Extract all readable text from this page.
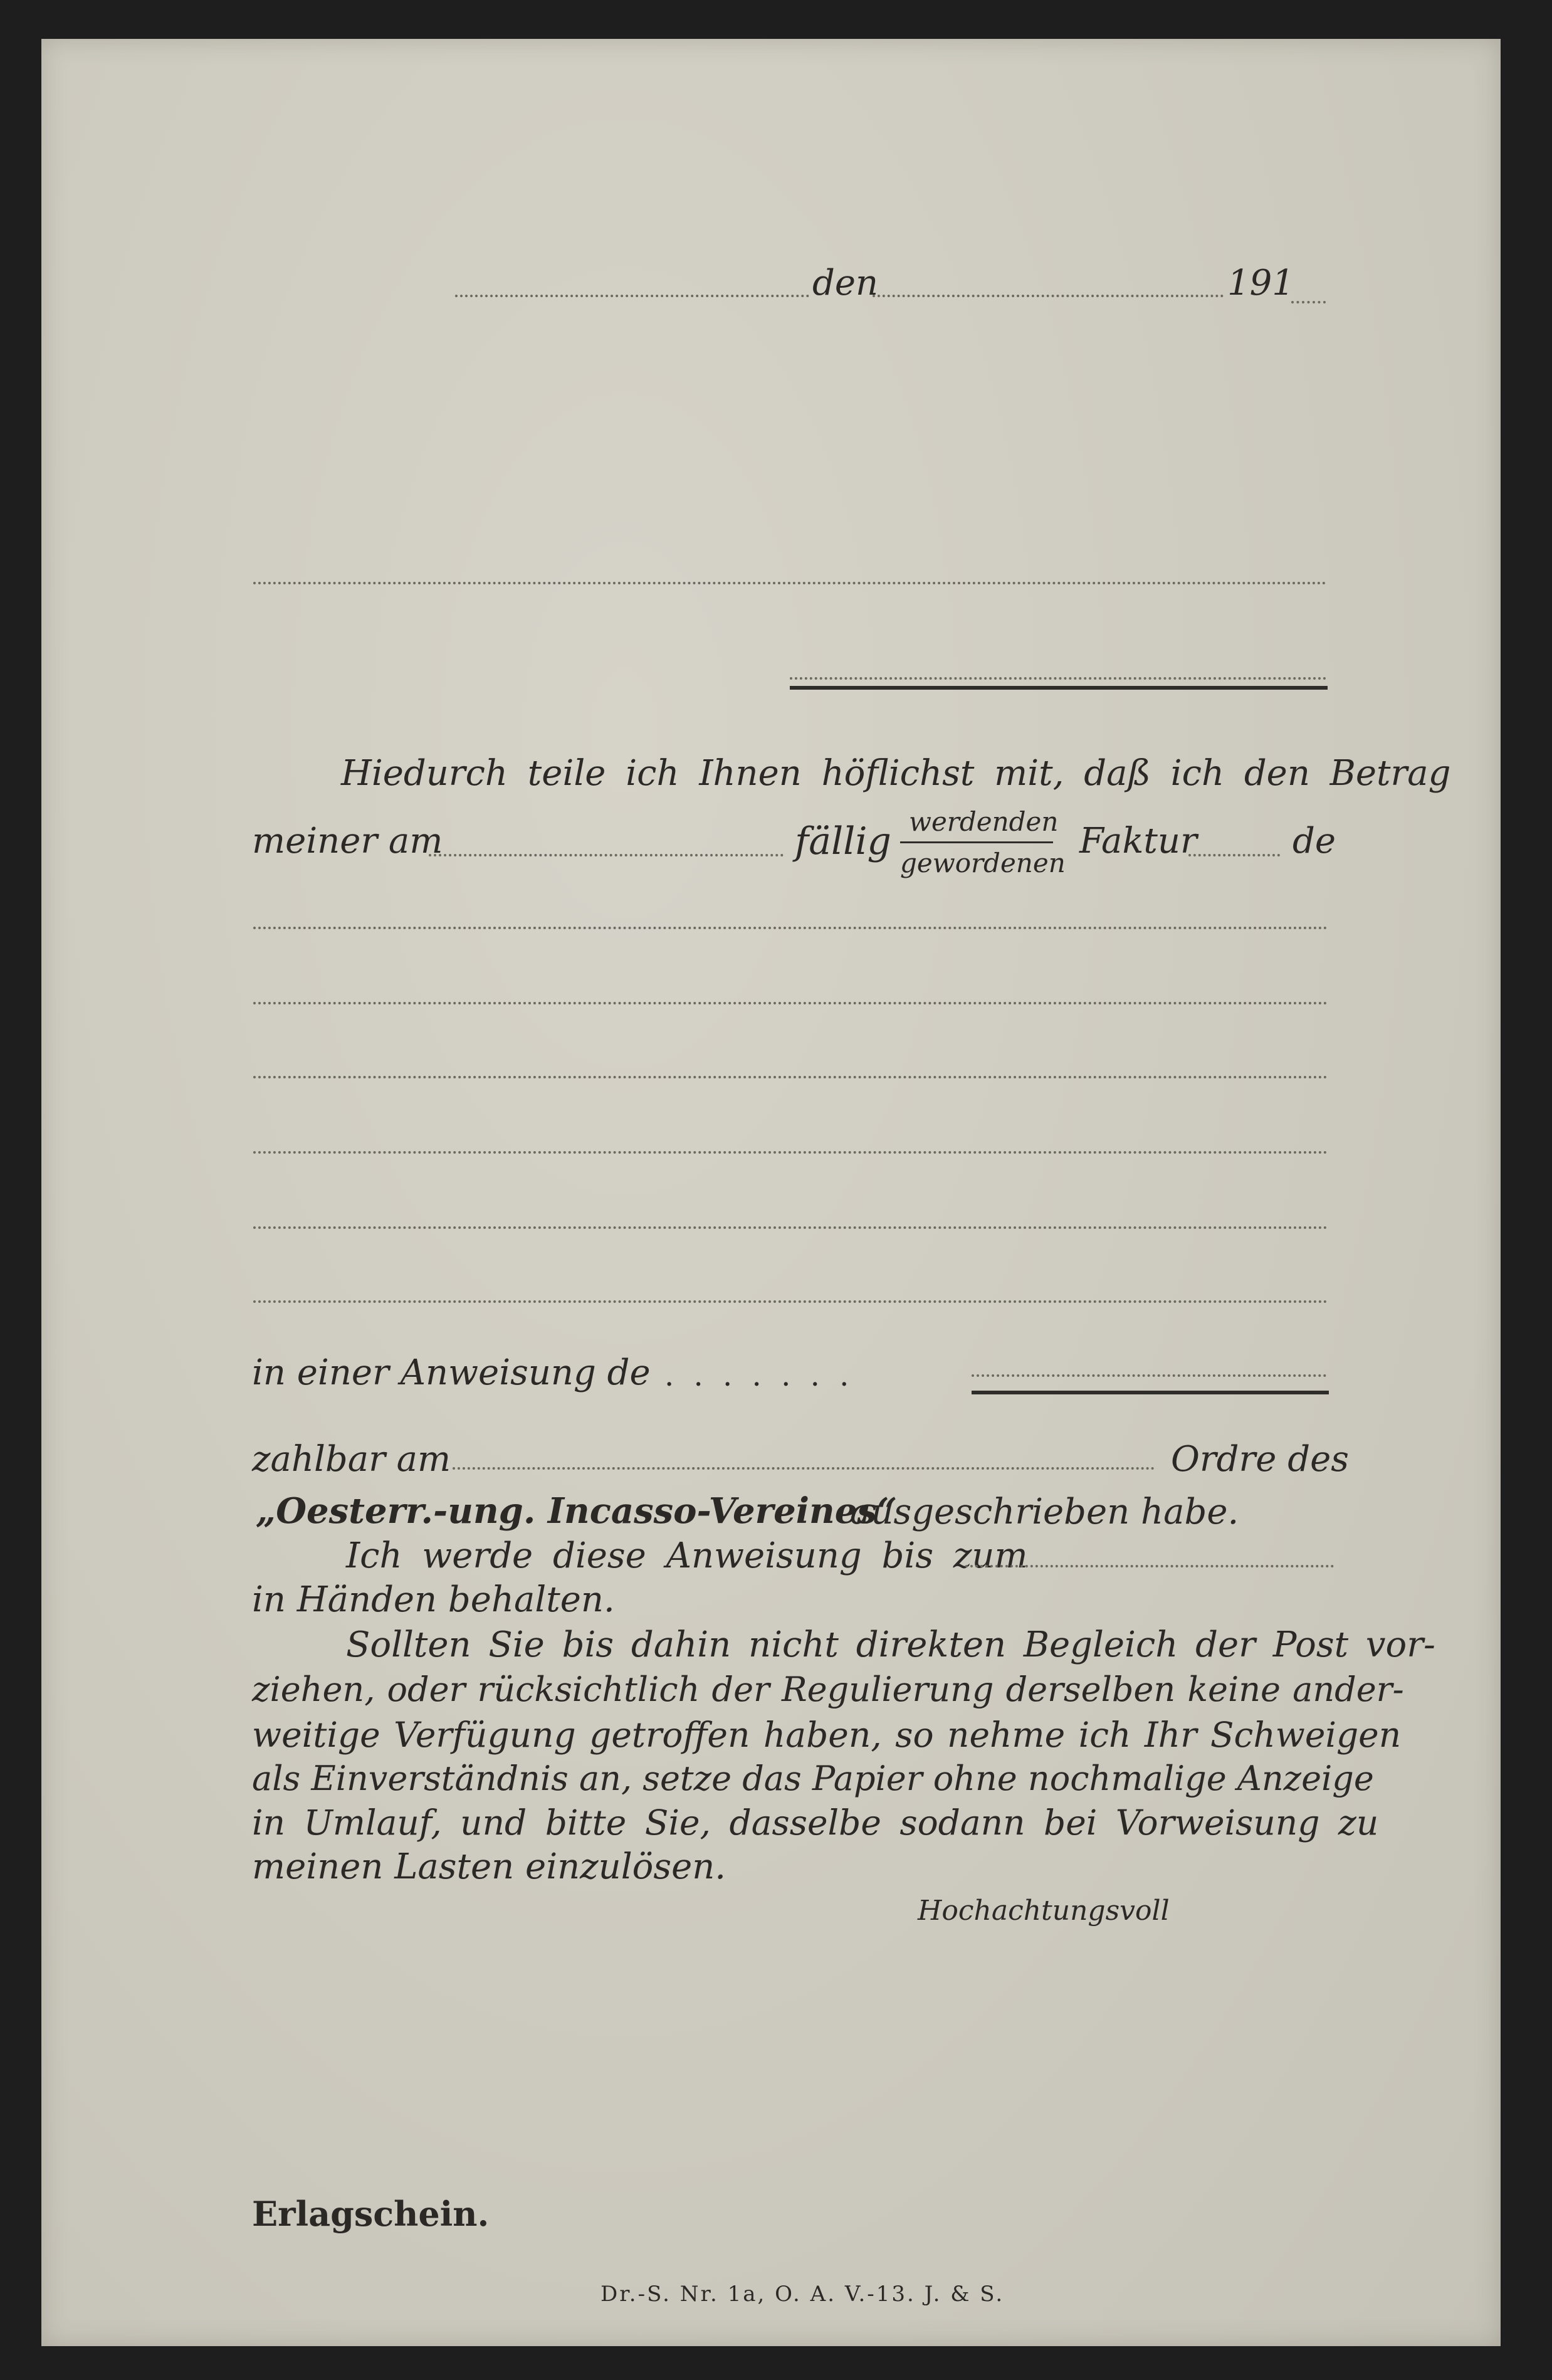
den	191
Hiedurch teile ich Ihnen höflichst mit, daß ich den Betrag
meiner am	fällig werdenden
gewordenen
Faktur	de
in einer Anweisung de . . . . . . .
zahlbar am	Ordre des
„Oesterr.-ung. Incasso-Vereines“
ausgeschrieben habe.
Ich werde diese Anweisung bis zum
in Händen behalten.
Sollten Sie bis dahin nicht direkten Begleich der Post vor-
ziehen, oder rücksichtlich der Regulierung derselben keine ander-
weitige Verfügung getroffen haben, so nehme ich Ihr Schweigen
als Einverständnis an, setze das Papier ohne nochmalige Anzeige
in Umlauf, und bitte Sie, dasselbe sodann bei Vorweisung zu
meinen Lasten einzulösen.
Hochachtungsvoll
Erlagschein.
Dr.-S. Nr. 1a, O. A. V.-13. J. & S.
